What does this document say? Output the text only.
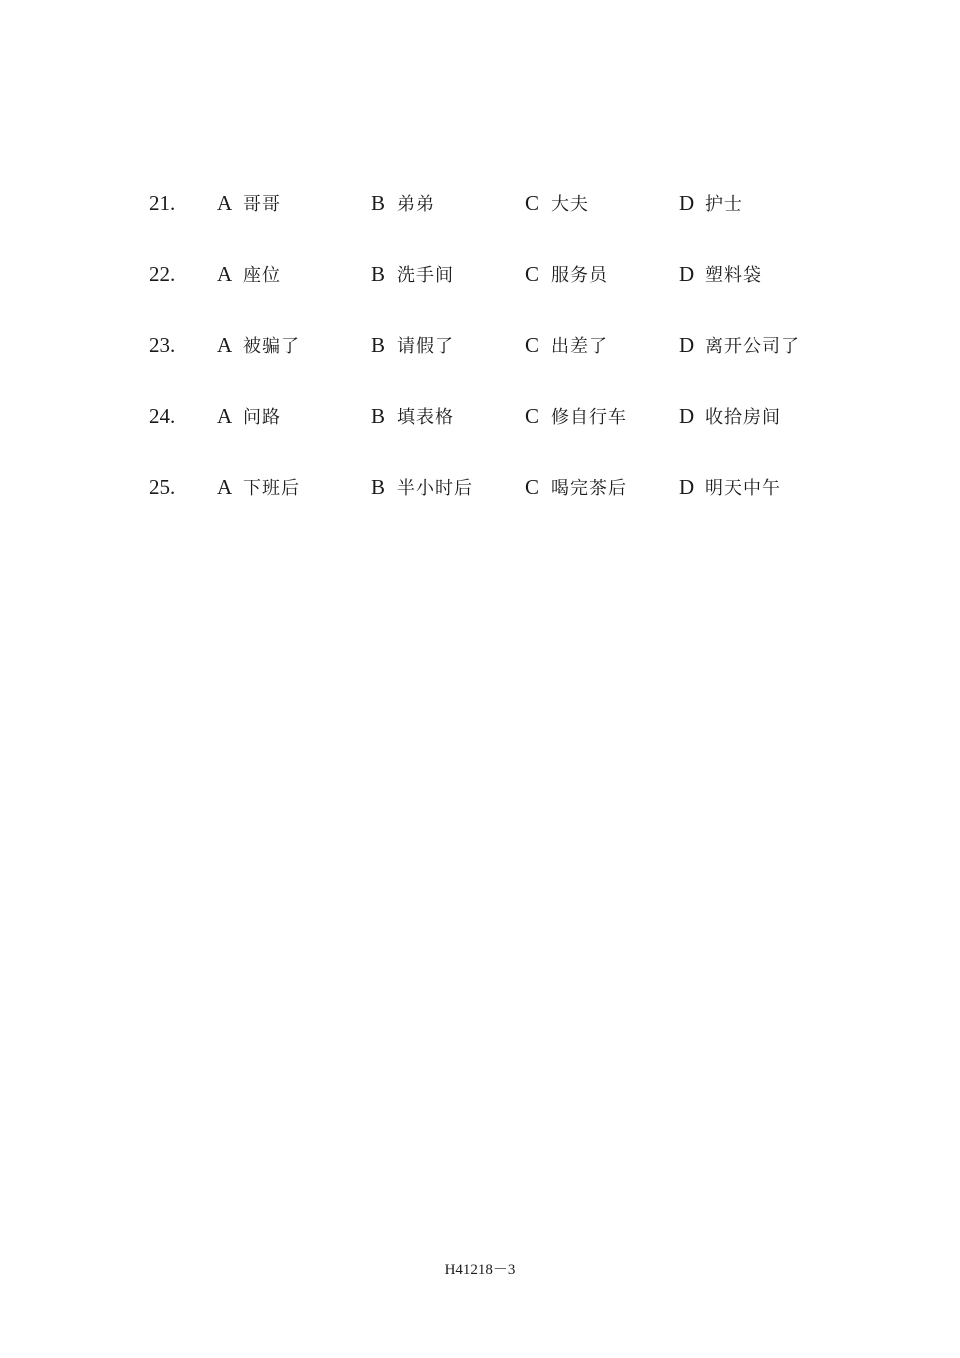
21. A 哥哥	B 弟弟	C 大夫	D 护士
22. A 座位	B 洗手间	C 服务员	D 塑料袋
23. A 被骗了	B 请假了	C 出差了	D 离开公司了
24. A 问路	B 填表格	C 修自行车 D 收拾房间
25. A 下班后	B 半小时后 C 喝完茶后 D 明天中午
H41218－3
